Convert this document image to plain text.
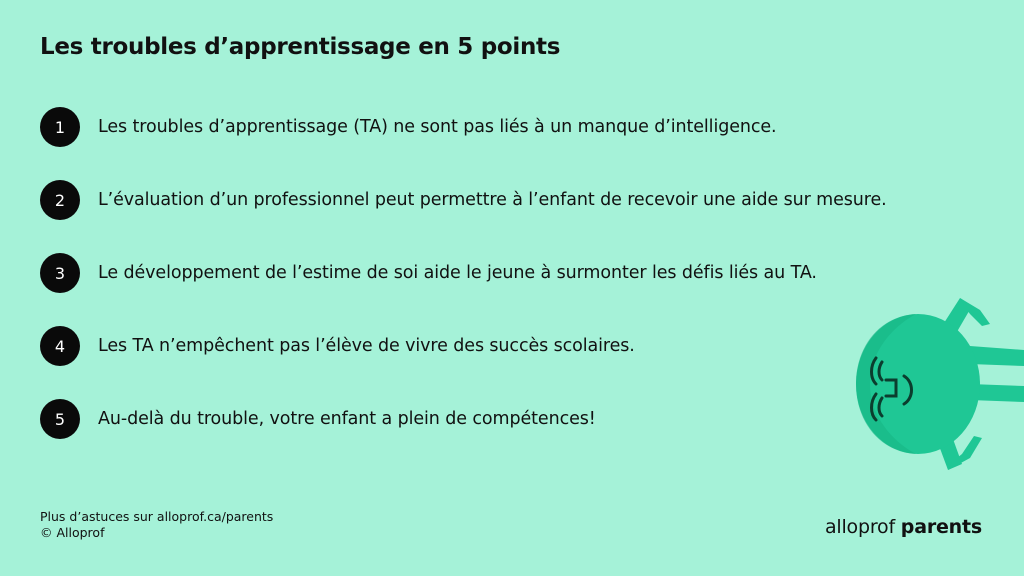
Les troubles d’apprentissage en 5 points
1	Les troubles d’apprentissage (TA) ne sont pas liés à un manque d’intelligence.
2	L’évaluation d’un professionnel peut permettre à l’enfant de recevoir une aide sur mesure.
3	Le développement de l’estime de soi aide le jeune à surmonter les défis liés au TA.
4	Les TA n’empêchent pas l’élève de vivre des succès scolaires.
5	Au-delà du trouble, votre enfant a plein de compétences!
Plus d’astuces sur alloprof.ca/parents
© Alloprof	alloprof parents
